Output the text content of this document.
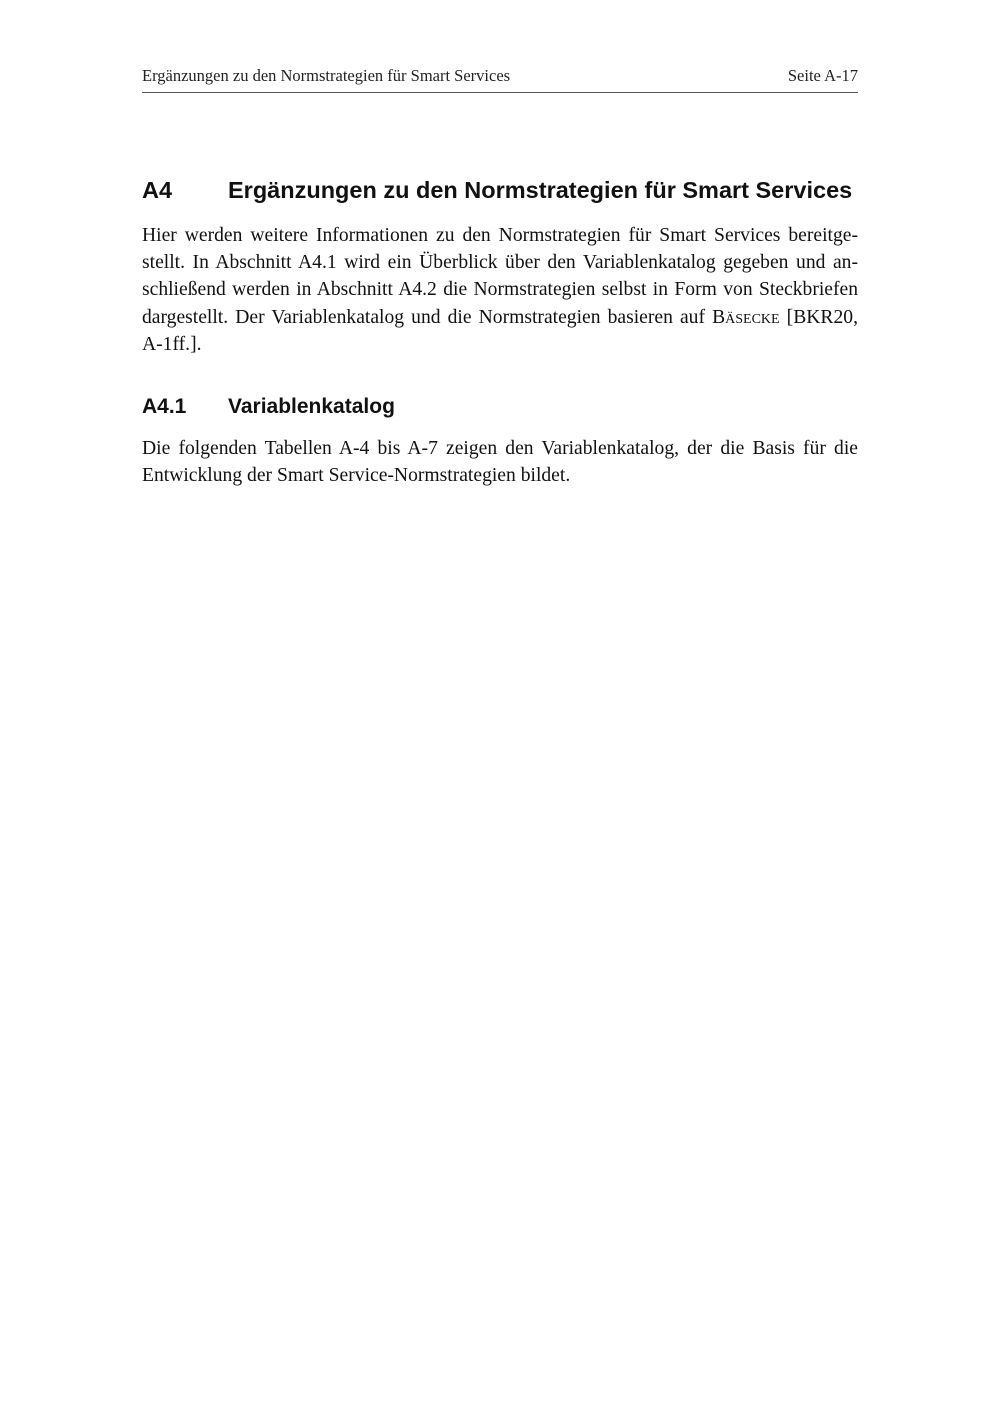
Ergänzungen zu den Normstrategien für Smart Services	Seite A-17
A4 Ergänzungen zu den Normstrategien für Smart Services

Hier werden weitere Informationen zu den Normstrategien für Smart Services bereitgestellt. In Abschnitt A4.1 wird ein Überblick über den Variablenkatalog gegeben und anschließend werden in Abschnitt A4.2 die Normstrategien selbst in Form von Steckbriefen dargestellt. Der Variablenkatalog und die Normstrategien basieren auf Bäsecke [BKR20, A-1ff.].

A4.1 Variablenkatalog

Die folgenden Tabellen A-4 bis A-7 zeigen den Variablenkatalog, der die Basis für die Entwicklung der Smart Service-Normstrategien bildet.
